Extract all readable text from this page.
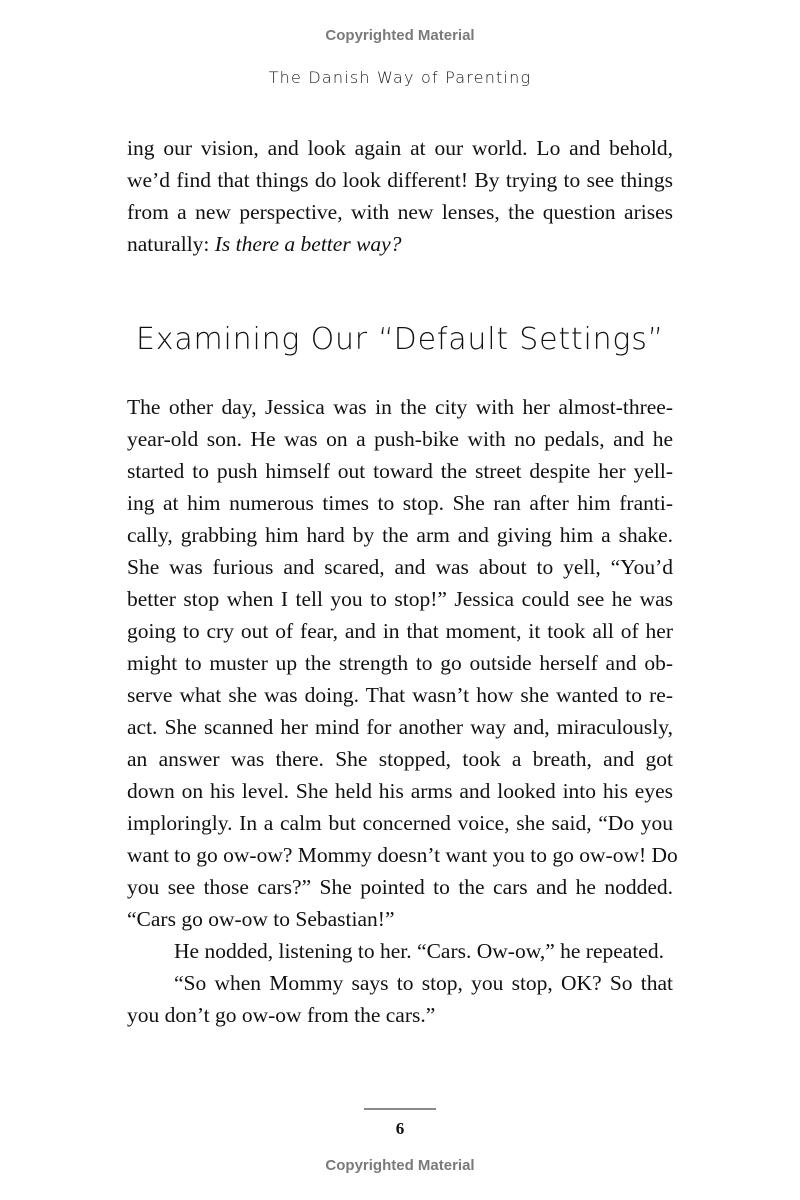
Copyrighted Material
The Danish Way of Parenting
ing our vision, and look again at our world. Lo and behold,
we’d find that things do look different! By trying to see things
from a new perspective, with new lenses, the question arises
naturally: Is there a better way?
Examining Our “Default Settings”
The other day, Jessica was in the city with her almost-three-
year-old son. He was on a push-bike with no pedals, and he
started to push himself out toward the street despite her yell-
ing at him numerous times to stop. She ran after him franti-
cally, grabbing him hard by the arm and giving him a shake.
She was furious and scared, and was about to yell, “You’d
better stop when I tell you to stop!” Jessica could see he was
going to cry out of fear, and in that moment, it took all of her
might to muster up the strength to go outside herself and ob-
serve what she was doing. That wasn’t how she wanted to re-
act. She scanned her mind for another way and, miraculously,
an answer was there. She stopped, took a breath, and got
down on his level. She held his arms and looked into his eyes
imploringly. In a calm but concerned voice, she said, “Do you
want to go ow-ow? Mommy doesn’t want you to go ow-ow! Do
you see those cars?” She pointed to the cars and he nodded.
“Cars go ow-ow to Sebastian!”
He nodded, listening to her. “Cars. Ow-ow,” he repeated.
“So when Mommy says to stop, you stop, OK? So that
you don’t go ow-ow from the cars.”
6
Copyrighted Material
